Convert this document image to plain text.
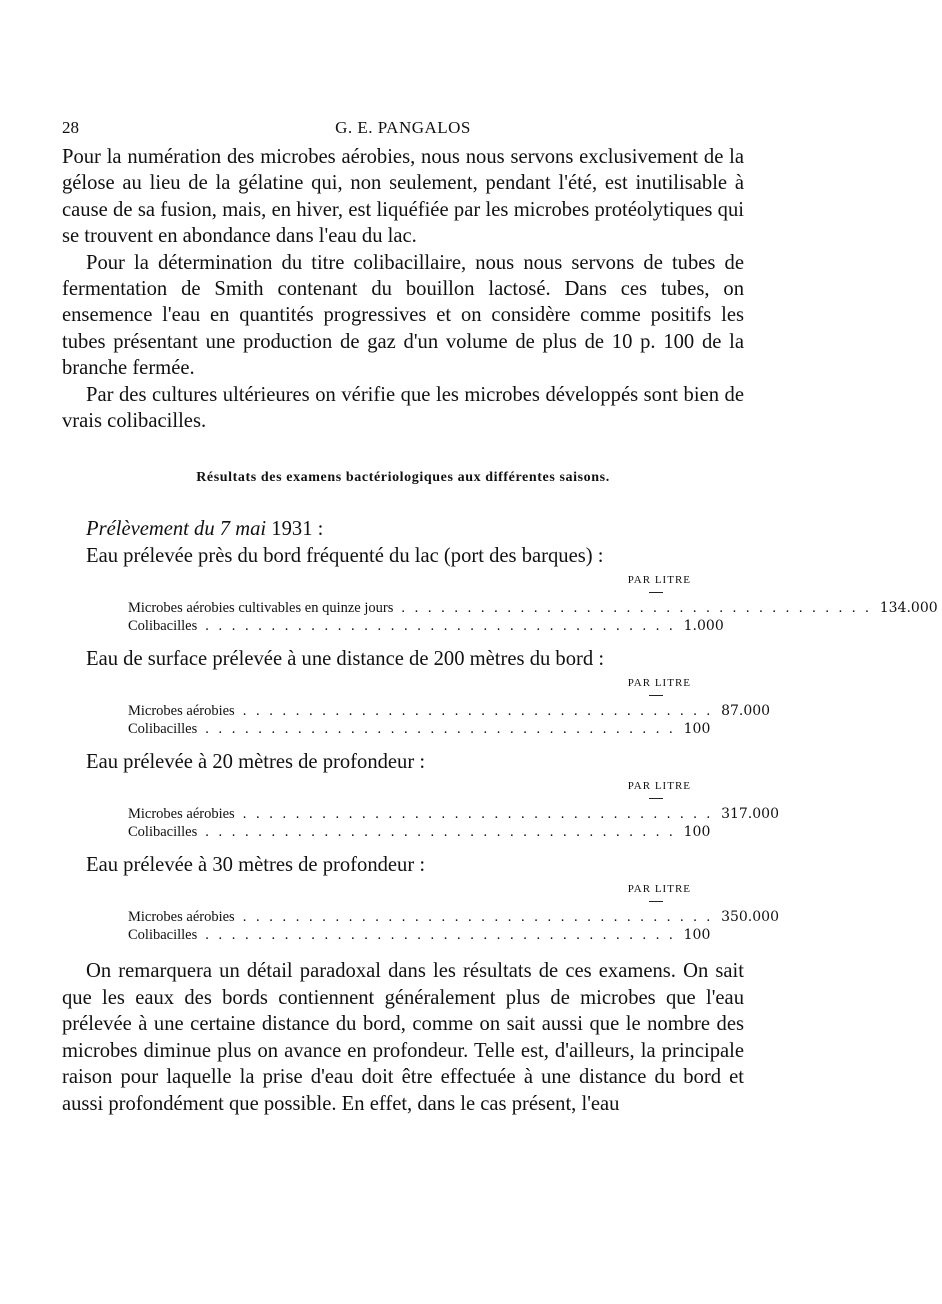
28	G. E. PANGALOS

Pour la numération des microbes aérobies, nous nous servons exclusivement de la gélose au lieu de la gélatine qui, non seulement, pendant l'été, est inutilisable à cause de sa fusion, mais, en hiver, est liquéfiée par les microbes protéolytiques qui se trouvent en abondance dans l'eau du lac.

Pour la détermination du titre colibacillaire, nous nous servons de tubes de fermentation de Smith contenant du bouillon lactosé. Dans ces tubes, on ensemence l'eau en quantités progressives et on considère comme positifs les tubes présentant une production de gaz d'un volume de plus de 10 p. 100 de la branche fermée.

Par des cultures ultérieures on vérifie que les microbes développés sont bien de vrais colibacilles.

Résultats des examens bactériologiques aux différentes saisons.
Prélèvement du 7 mai 1931 :
Eau prélevée près du bord fréquenté du lac (port des barques) :
PAR LITRE
Microbes aérobies cultivables en quinze jours . . . . . . . . . . . . . . . . . . . . . . . . . . . . . . . . . . . . 134.000
Colibacilles . . . . . . . . . . . . . . . . . . . . . . . . . . . . . . . . . . . . 1.000
Eau de surface prélevée à une distance de 200 mètres du bord :
PAR LITRE
Microbes aérobies . . . . . . . . . . . . . . . . . . . . . . . . . . . . . . . . . . . . 87.000
Colibacilles . . . . . . . . . . . . . . . . . . . . . . . . . . . . . . . . . . . . 100
Eau prélevée à 20 mètres de profondeur :
PAR LITRE
Microbes aérobies . . . . . . . . . . . . . . . . . . . . . . . . . . . . . . . . . . . . 317.000
Colibacilles . . . . . . . . . . . . . . . . . . . . . . . . . . . . . . . . . . . . 100
Eau prélevée à 30 mètres de profondeur :
PAR LITRE
Microbes aérobies . . . . . . . . . . . . . . . . . . . . . . . . . . . . . . . . . . . . 350.000
Colibacilles . . . . . . . . . . . . . . . . . . . . . . . . . . . . . . . . . . . . 100

On remarquera un détail paradoxal dans les résultats de ces examens. On sait que les eaux des bords contiennent généralement plus de microbes que l'eau prélevée à une certaine distance du bord, comme on sait aussi que le nombre des microbes diminue plus on avance en profondeur. Telle est, d'ailleurs, la principale raison pour laquelle la prise d'eau doit être effectuée à une distance du bord et aussi profondément que possible. En effet, dans le cas présent, l'eau
